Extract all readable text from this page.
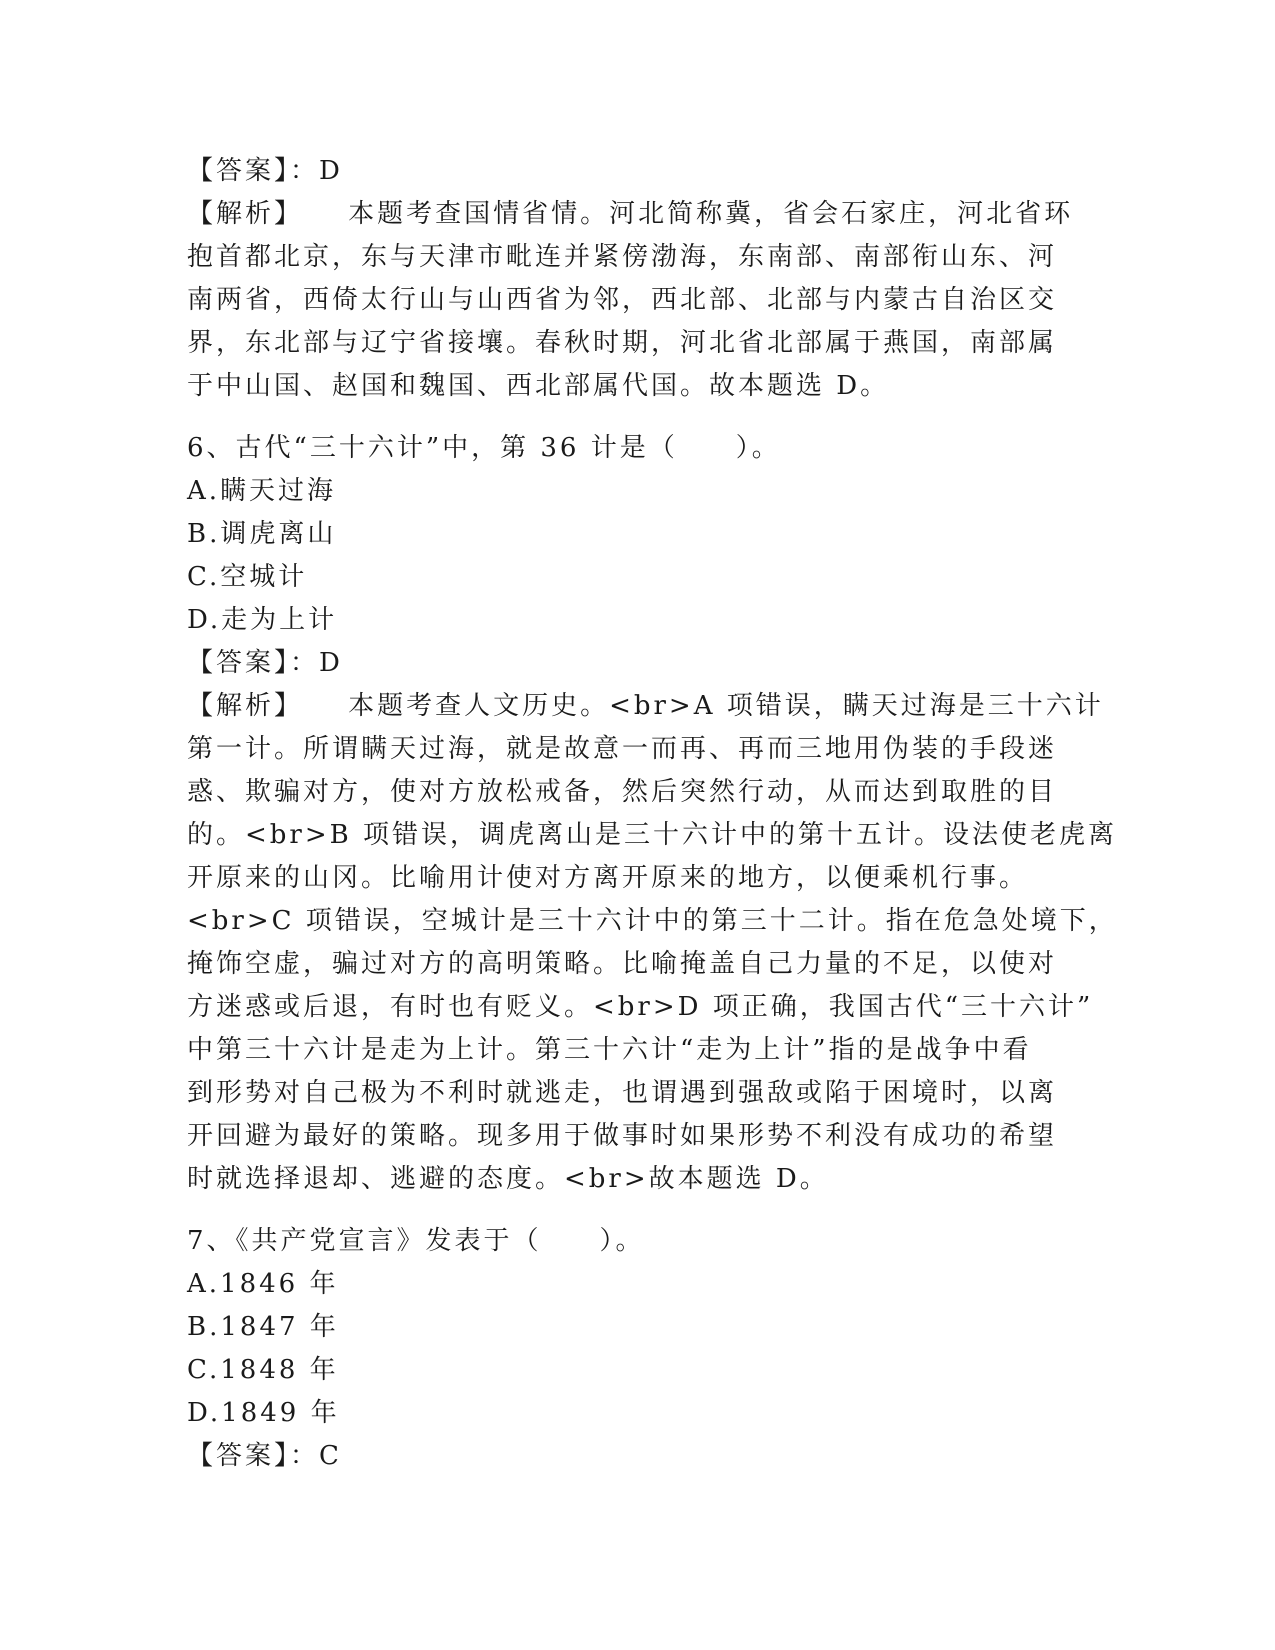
【答案】：D
【解析】 本题考查国情省情。河北简称冀，省会石家庄，河北省环
抱首都北京，东与天津市毗连并紧傍渤海，东南部、南部衔山东、河
南两省，西倚太行山与山西省为邻，西北部、北部与内蒙古自治区交
界，东北部与辽宁省接壤。春秋时期，河北省北部属于燕国，南部属
于中山国、赵国和魏国、西北部属代国。故本题选 D。
6、古代“三十六计”中，第 36 计是（　　）。
A.瞒天过海
B.调虎离山
C.空城计
D.走为上计
【答案】：D
【解析】 本题考查人文历史。<br>A 项错误，瞒天过海是三十六计
第一计。所谓瞒天过海，就是故意一而再、再而三地用伪装的手段迷
惑、欺骗对方，使对方放松戒备，然后突然行动，从而达到取胜的目
的。<br>B 项错误，调虎离山是三十六计中的第十五计。设法使老虎离
开原来的山冈。比喻用计使对方离开原来的地方，以便乘机行事。
<br>C 项错误，空城计是三十六计中的第三十二计。指在危急处境下，
掩饰空虚，骗过对方的高明策略。比喻掩盖自己力量的不足，以使对
方迷惑或后退，有时也有贬义。<br>D 项正确，我国古代“三十六计”
中第三十六计是走为上计。第三十六计“走为上计”指的是战争中看
到形势对自己极为不利时就逃走，也谓遇到强敌或陷于困境时，以离
开回避为最好的策略。现多用于做事时如果形势不利没有成功的希望
时就选择退却、逃避的态度。<br>故本题选 D。
7、《共产党宣言》发表于（　　）。
A.1846 年
B.1847 年
C.1848 年
D.1849 年
【答案】：C
